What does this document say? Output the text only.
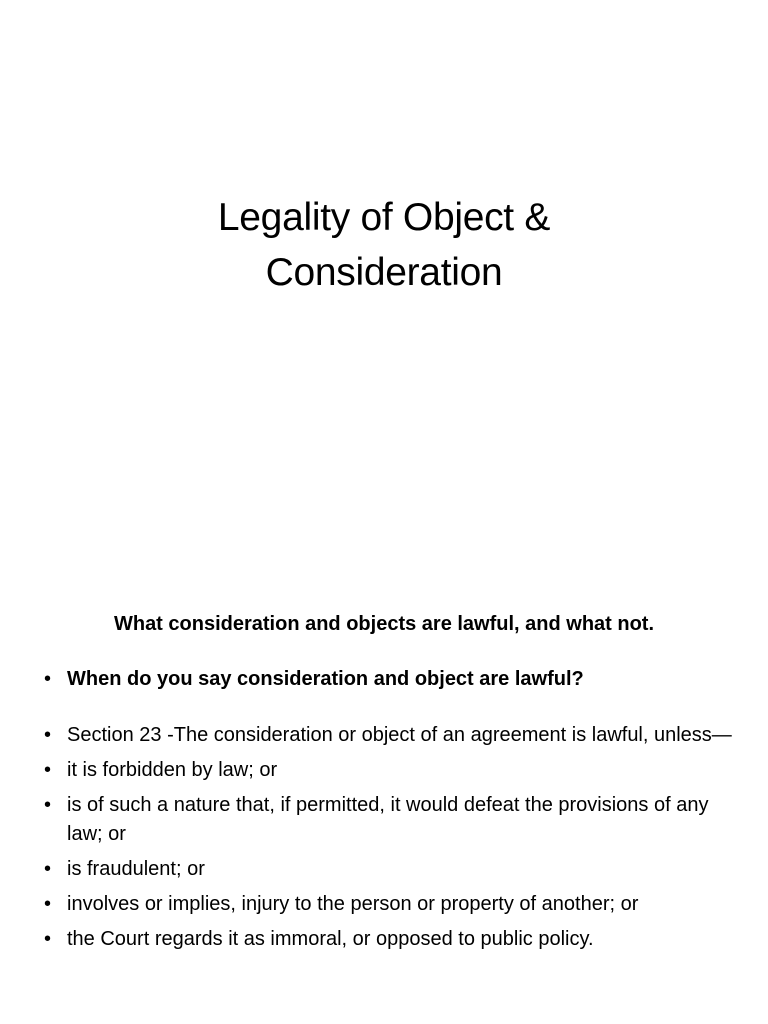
Legality of Object &
Consideration
What consideration and objects are lawful, and what not.
• When do you say consideration and object are lawful?
• Section 23 -The consideration or object of an agreement is lawful, unless—
• it is forbidden by law; or
• is of such a nature that, if permitted, it would defeat the provisions of any law; or
• is fraudulent; or
• involves or implies, injury to the person or property of another; or
• the Court regards it as immoral, or opposed to public policy.
